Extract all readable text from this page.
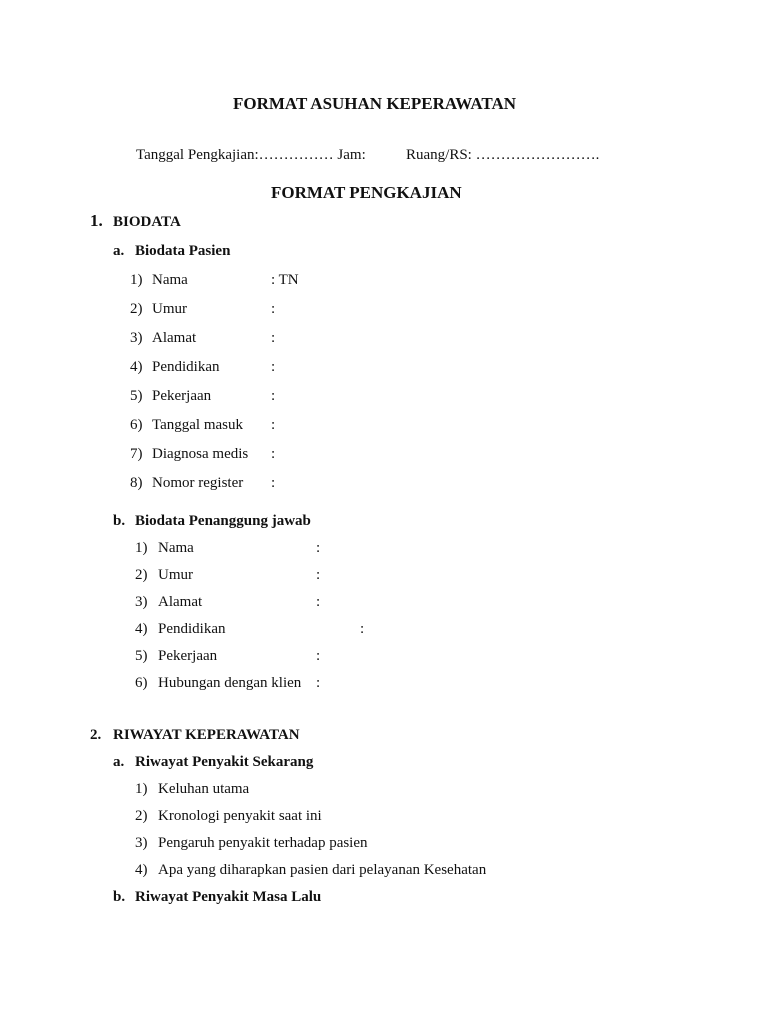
FORMAT ASUHAN KEPERAWATAN
Tanggal Pengkajian:…………… Jam:	Ruang/RS: …………………….
FORMAT PENGKAJIAN
1. BIODATA
a. Biodata Pasien
1) Nama	: TN
2) Umur	:
3) Alamat	:
4) Pendidikan	:
5) Pekerjaan	:
6) Tanggal masuk :
7) Diagnosa medis :
8) Nomor register :
b. Biodata Penanggung jawab
1) Nama	:
2) Umur	:
3) Alamat	:
4) Pendidikan	:
5) Pekerjaan	:
6) Hubungan dengan klien :
2. RIWAYAT KEPERAWATAN
a. Riwayat Penyakit Sekarang
1) Keluhan utama
2) Kronologi penyakit saat ini
3) Pengaruh penyakit terhadap pasien
4) Apa yang diharapkan pasien dari pelayanan Kesehatan
b. Riwayat Penyakit Masa Lalu
